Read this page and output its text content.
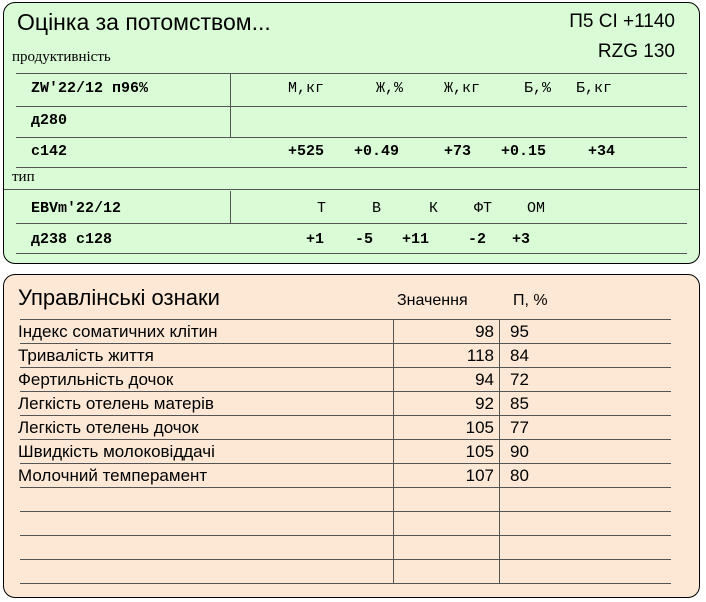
Оцінка за потомством...	П5 CI +1140
RZG 130
продуктивність
ZW'22/12 п96%	М,кг	Ж,%	Ж,кг	Б,% Б,кг
д280
с142	+525 +0.49	+73 +0.15	+34
тип
EBVm'22/12	Т	В	К ФТ ОМ
д238 с128	+1 -5 +11	-2 +3
Управлінські ознаки	Значення	П, %
Індекс соматичних клітин	98 95
Тривалість життя	118 84
Фертильність дочок	94 72
Легкість отелень матерів	92 85
Легкість отелень дочок	105 77
Швидкість молоковіддачі	105 90
Молочний темперамент	107 80
